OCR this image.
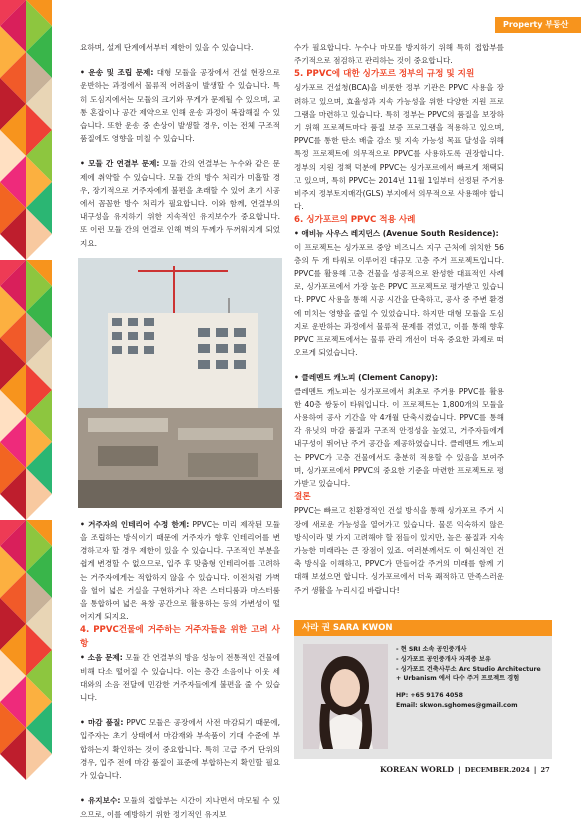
Property 부동산

요하며, 설계 단계에서부터 제한이 있을 수 있습니다.

• 운송 및 조립 문제: 대형 모듈을 공장에서 건설 현장으로 운반하는 과정에서 물류적 어려움이 발생할 수 있습니다. 특히 도심지에서는 모듈의 크기와 무게가 문제될 수 있으며, 교통 혼잡이나 공간 제약으로 인해 운송 과정이 복잡해질 수 있습니다. 또한 운송 중 손상이 발생할 경우, 이는 전체 구조적 품질에도 영향을 미칠 수 있습니다.

• 모듈 간 연결부 문제: 모듈 간의 연결부는 누수와 같은 문제에 취약할 수 있습니다. 모듈 간의 방수 처리가 미흡할 경우, 장기적으로 거주자에게 불편을 초래할 수 있어 초기 시공에서 꼼꼼한 방수 처리가 필요합니다. 이와 함께, 연결부의 내구성을 유지하기 위한 지속적인 유지보수가 중요합니다. 또 이런 모듈 간의 연결로 인해 벽의 두께가 두꺼워지게 되었지요.

• 거주자의 인테리어 수정 한계: PPVC는 미리 제작된 모듈을 조립하는 방식이기 때문에 거주자가 향후 인테리어를 변경하고자 할 경우 제한이 있을 수 있습니다. 구조적인 부분을 쉽게 변경할 수 없으므로, 입주 후 맞춤형 인테리어를 고려하는 거주자에게는 적합하지 않을 수 있습니다. 이전처럼 가벽을 헐어 넓은 거실을 구현하거나 작은 스터디룸과 마스터룸을 통합하여 넓은 욕창 공간으로 활용하는 등의 가변성이 떨어지게 되지요.

4. PPVC건물에 거주하는 거주자들을 위한 고려 사항

• 소음 문제: 모듈 간 연결부의 방음 성능이 전통적인 건물에 비해 다소 떨어질 수 있습니다. 이는 층간 소음이나 이웃 세대와의 소음 전달에 민감한 거주자들에게 불편을 줄 수 있습니다.

• 마감 품질: PPVC 모듈은 공장에서 사전 마감되기 때문에, 입주자는 초기 상태에서 마감재와 부속품이 기대 수준에 부합하는지 확인하는 것이 중요합니다. 특히 고급 주거 단위의 경우, 입주 전에 마감 품질이 표준에 부합하는지 확인할 필요가 있습니다.

• 유지보수: 모듈의 접합부는 시간이 지나면서 마모될 수 있으므로, 이를 예방하기 위한 정기적인 유지보

수가 필요합니다. 누수나 마모를 방지하기 위해 특히 접합부를 주기적으로 점검하고 관리하는 것이 중요합니다.

5. PPVC에 대한 싱가포르 정부의 규정 및 지원

싱가포르 건설청(BCA)을 비롯한 정부 기관은 PPVC 사용을 장려하고 있으며, 효율성과 지속 가능성을 위한 다양한 지원 프로그램을 마련하고 있습니다. 특히 정부는 PPVC의 품질을 보장하기 위해 프로젝트마다 품질 보증 프로그램을 적용하고 있으며, PPVC를 통한 탄소 배출 감소 및 지속 가능성 목표 달성을 위해 특정 프로젝트에 의무적으로 PPVC를 사용하도록 권장합니다. 정부의 지원 정책 덕분에 PPVC는 싱가포르에서 빠르게 채택되고 있으며, 특히 PPVC는 2014년 11월 1일부터 선정된 주거용 비주지 정부토지매각(GLS) 부지에서 의무적으로 사용해야 합니다.

6. 싱가포르의 PPVC 적용 사례

• 애비뉴 사우스 레지던스 (Avenue South Residence):

이 프로젝트는 싱가포르 중앙 비즈니스 지구 근처에 위치한 56층의 두 개 타워로 이루어진 대규모 고층 주거 프로젝트입니다. PPVC를 활용해 고층 건물을 성공적으로 완성한 대표적인 사례로, 싱가포르에서 가장 높은 PPVC 프로젝트로 평가받고 있습니다. PPVC 사용을 통해 시공 시간을 단축하고, 공사 중 주변 환경에 미치는 영향을 줄일 수 있었습니다. 하지만 대형 모듈을 도심지로 운반하는 과정에서 물류적 문제를 겪었고, 이를 통해 향후 PPVC 프로젝트에서는 물류 관리 개선이 더욱 중요한 과제로 떠오르게 되었습니다.

• 클레멘트 캐노피 (Clement Canopy):

클레멘트 캐노피는 싱가포르에서 최초로 주거용 PPVC를 활용한 40층 쌍둥이 타워입니다. 이 프로젝트는 1,800개의 모듈을 사용하여 공사 기간을 약 4개월 단축시켰습니다. PPVC를 통해 각 유닛의 마감 품질과 구조적 안정성을 높였고, 거주자들에게 내구성이 뛰어난 주거 공간을 제공하였습니다. 클레멘트 캐노피는 PPVC가 고층 건물에서도 충분히 적용할 수 있음을 보여주며, 싱가포르에서 PPVC의 중요한 기준을 마련한 프로젝트로 평가받고 있습니다.

결론

PPVC는 빠르고 친환경적인 건설 방식을 통해 싱가포르 주거 시장에 새로운 가능성을 열어가고 있습니다. 물론 익숙하지 않은 방식이라 몇 가지 고려해야 할 점들이 있지만, 높은 품질과 지속 가능한 미래라는 큰 장점이 있죠. 여러분께서도 이 혁신적인 건축 방식을 이해하고, PPVC가 만들어갈 주거의 미래를 함께 기대해 보셨으면 합니다. 싱가포르에서 더욱 쾌적하고 만족스러운 주거 생활을 누리시길 바랍니다!

사라 권 SARA KWON

- 현 SRI 소속 공인중개사

- 싱가포르 공인중개사 자격증 보유

- 싱가포르 건축사무소 Arc Studio Architecture + Urbanism 에서 다수 주거 프로젝트 경험

HP: +65 9176 4058

Email: skwon.sghomes@gmail.com

KOREAN WORLD | DECEMBER.2024 | 27
